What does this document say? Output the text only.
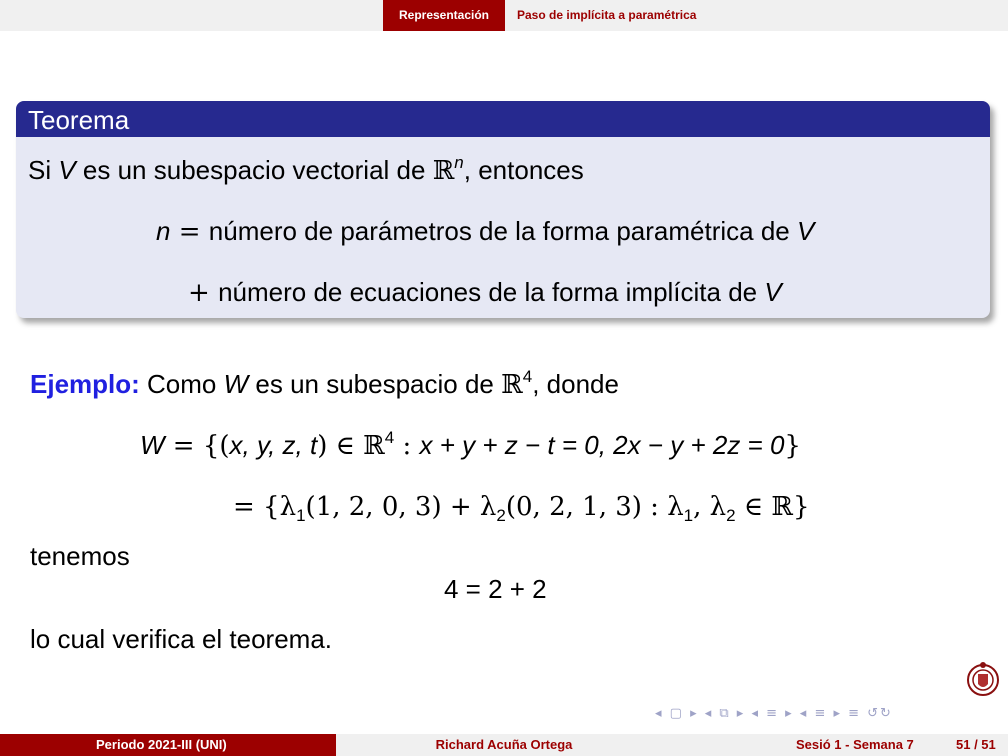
Representación	Paso de implícita a paramétrica
Teorema
Si V es un subespacio vectorial de ℝ$^n$, entonces
n = número de parámetros de la forma paramétrica de V
+ número de ecuaciones de la forma implícita de V
Ejemplo: Como W es un subespacio de ℝ$^4$, donde
W = {(x, y, z, t) ∈ ℝ$^4$ : x + y + z − t = 0, 2x − y + 2z = 0}
= {$\lambda_1(1$, 2, 0, $3) + \lambda_2(0$, 2, 1, 3) : $\lambda_1$, $\lambda_2$ ∈ ℝ}
tenemos
4 = 2 + 2
lo cual verifica el teorema.
◂ ▢ ▸ ◂ ⧉ ▸ ◂ ≡ ▸ ◂ ≡ ▸ ≡ ↺↻
Periodo 2021-III (UNI)	Richard Acuña Ortega	Sesió 1 - Semana 7	51 / 51
